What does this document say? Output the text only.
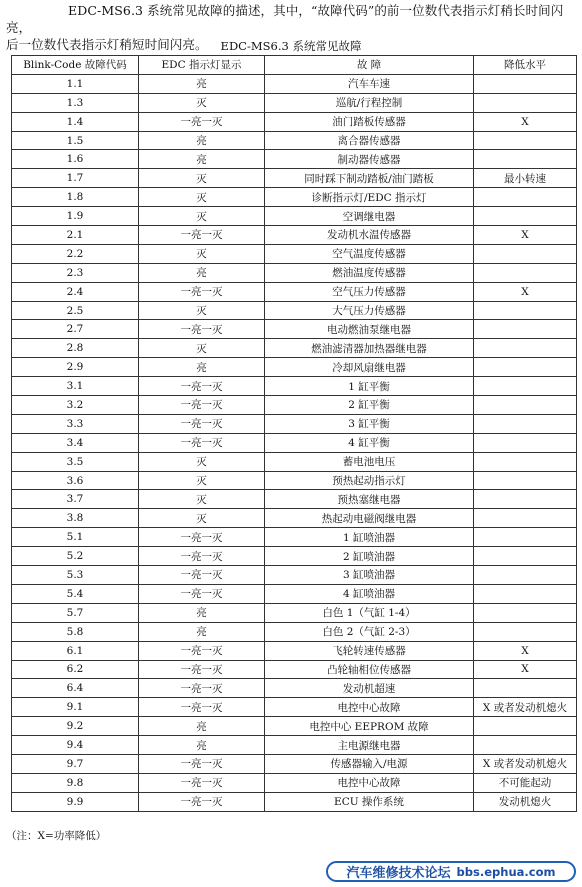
EDC-MS6.3 系统常见故障的描述，其中，“故障代码”的前一位数代表指示灯稍长时间闪亮，

后一位数代表指示灯稍短时间闪亮。	EDC-MS6.3 系统常见故障
Blink-Code 故障代码	EDC 指示灯显示	故 障	降低水平
1.1	亮	汽车车速	
1.3	灭	巡航/行程控制	
1.4	一亮一灭	油门踏板传感器	X
1.5	亮	离合器传感器	
1.6	亮	制动器传感器	
1.7	灭	同时踩下制动踏板/油门踏板	最小转速
1.8	灭	诊断指示灯/EDC 指示灯	
1.9	灭	空调继电器	
2.1	一亮一灭	发动机水温传感器	X
2.2	灭	空气温度传感器	
2.3	亮	燃油温度传感器	
2.4	一亮一灭	空气压力传感器	X
2.5	灭	大气压力传感器	
2.7	一亮一灭	电动燃油泵继电器	
2.8	灭	燃油滤清器加热器继电器	
2.9	亮	冷却风扇继电器	
3.1	一亮一灭	1 缸平衡	
3.2	一亮一灭	2 缸平衡	
3.3	一亮一灭	3 缸平衡	
3.4	一亮一灭	4 缸平衡	
3.5	灭	蓄电池电压	
3.6	灭	预热起动指示灯	
3.7	灭	预热塞继电器	
3.8	灭	热起动电磁阀继电器	
5.1	一亮一灭	1 缸喷油器	
5.2	一亮一灭	2 缸喷油器	
5.3	一亮一灭	3 缸喷油器	
5.4	一亮一灭	4 缸喷油器	
5.7	亮	白色 1（气缸 1-4）	
5.8	亮	白色 2（气缸 2-3）	
6.1	一亮一灭	飞轮转速传感器	X
6.2	一亮一灭	凸轮轴相位传感器	X
6.4	一亮一灭	发动机超速	
9.1	一亮一灭	电控中心故障	X 或者发动机熄火
9.2	亮	电控中心 EEPROM 故障	
9.4	亮	主电源继电器	
9.7	一亮一灭	传感器输入/电源	X 或者发动机熄火
9.8	一亮一灭	电控中心故障	不可能起动
9.9	一亮一灭	ECU 操作系统	发动机熄火
（注：X=功率降低）
汽车维修技术论坛 bbs.ephua.com
